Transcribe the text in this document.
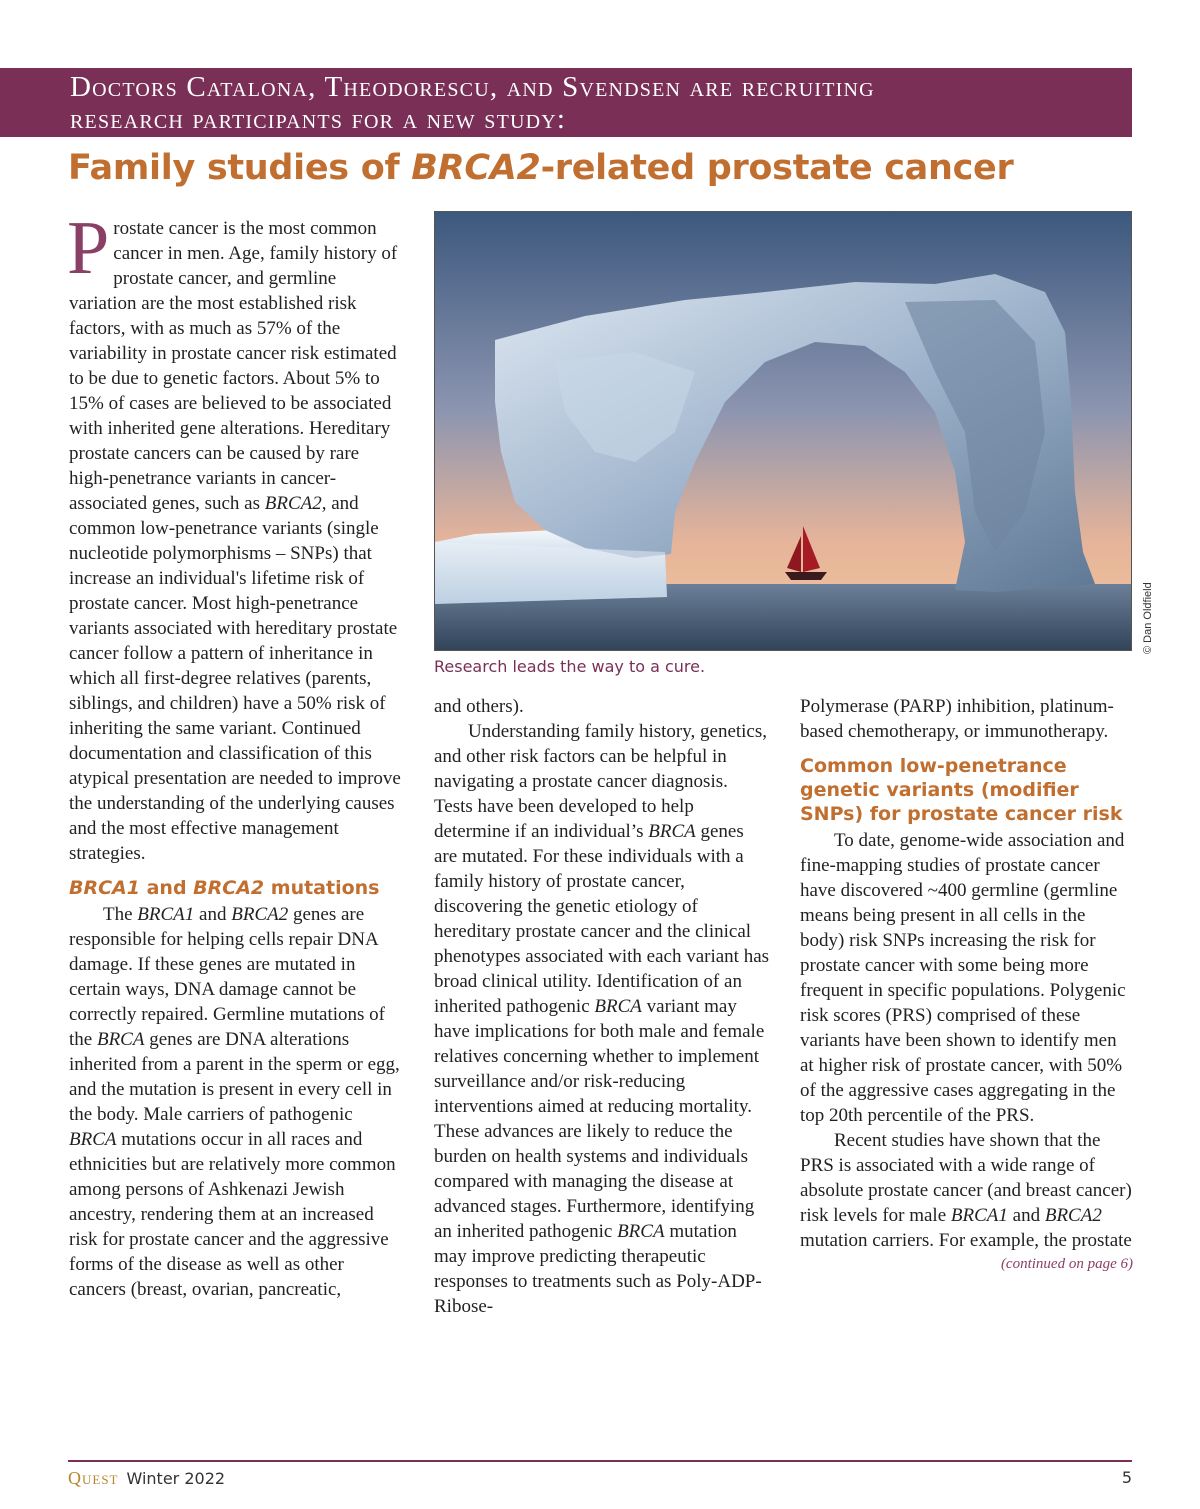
Doctors Catalona, Theodorescu, and Svendsen are recruiting
research participants for a new study:
Family studies of BRCA2-related prostate cancer

Prostate cancer is the most common cancer in men. Age, family history of prostate cancer, and germline variation are the most established risk factors, with as much as 57% of the variability in prostate cancer risk estimated to be due to genetic factors. About 5% to 15% of cases are believed to be associated with inherited gene alterations. Hereditary prostate cancers can be caused by rare high-penetrance variants in cancer-associated genes, such as BRCA2, and common low-penetrance variants (single nucleotide polymorphisms – SNPs) that increase an individual's lifetime risk of prostate cancer. Most high-penetrance variants associated with hereditary prostate cancer follow a pattern of inheritance in which all first-degree relatives (parents, siblings, and children) have a 50% risk of inheriting the same variant. Continued documentation and classification of this atypical presentation are needed to improve the understanding of the underlying causes and the most effective management strategies.

BRCA1 and BRCA2 mutations

The BRCA1 and BRCA2 genes are responsible for helping cells repair DNA damage. If these genes are mutated in certain ways, DNA damage cannot be correctly repaired. Germline mutations of the BRCA genes are DNA alterations inherited from a parent in the sperm or egg, and the mutation is present in every cell in the body. Male carriers of pathogenic BRCA mutations occur in all races and ethnicities but are relatively more common among persons of Ashkenazi Jewish ancestry, rendering them at an increased risk for prostate cancer and the aggressive forms of the disease as well as other cancers (breast, ovarian, pancreatic,

© Dan Oldfield
Research leads the way to a cure.

and others).

Understanding family history, genetics, and other risk factors can be helpful in navigating a prostate cancer diagnosis. Tests have been developed to help determine if an individual’s BRCA genes are mutated. For these individuals with a family history of prostate cancer, discovering the genetic etiology of hereditary prostate cancer and the clinical phenotypes associated with each variant has broad clinical utility. Identification of an inherited pathogenic BRCA variant may have implications for both male and female relatives concerning whether to implement surveillance and/or risk-reducing interventions aimed at reducing mortality. These advances are likely to reduce the burden on health systems and individuals compared with managing the disease at advanced stages. Furthermore, identifying an inherited pathogenic BRCA mutation may improve predicting therapeutic responses to treatments such as Poly-ADP-Ribose-

Polymerase (PARP) inhibition, platinum-based chemotherapy, or immunotherapy.

Common low-penetrance genetic variants (modifier SNPs) for prostate cancer risk

To date, genome-wide association and fine-mapping studies of prostate cancer have discovered ~400 germline (germline means being present in all cells in the body) risk SNPs increasing the risk for prostate cancer with some being more frequent in specific populations. Polygenic risk scores (PRS) comprised of these variants have been shown to identify men at higher risk of prostate cancer, with 50% of the aggressive cases aggregating in the top 20th percentile of the PRS.

Recent studies have shown that the PRS is associated with a wide range of absolute prostate cancer (and breast cancer) risk levels for male BRCA1 and BRCA2 mutation carriers. For example, the prostate

(continued on page 6)

Quest Winter 2022	5
